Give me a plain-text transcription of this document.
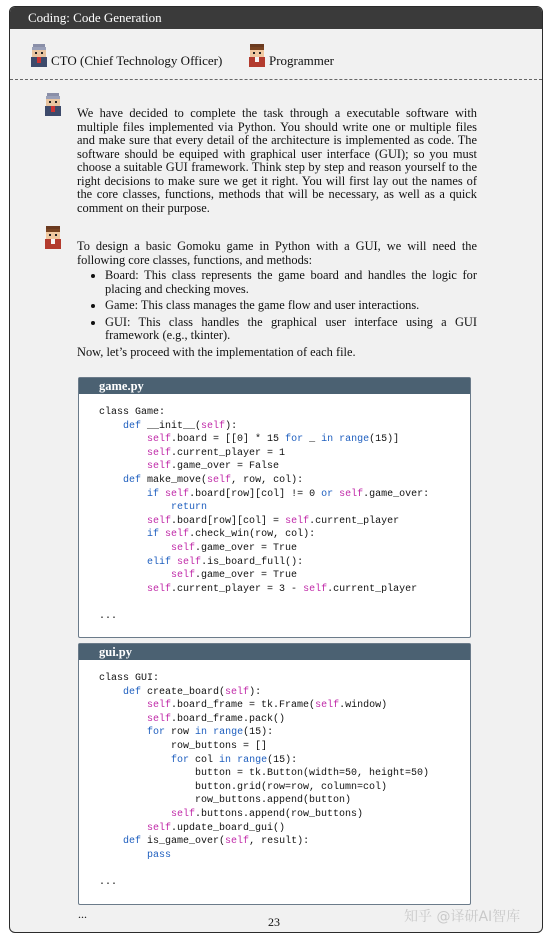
Coding: Code Generation
CTO (Chief Technology Officer)	Programmer
We have decided to complete the task through a executable software with multiple files implemented via Python. You should write one or multiple files and make sure that every detail of the architecture is implemented as code. The software should be equiped with graphical user interface (GUI); so you must choose a suitable GUI framework. Think step by step and reason yourself to the right decisions to make sure we get it right. You will first lay out the names of the core classes, functions, methods that will be necessary, as well as a quick comment on their purpose.

To design a basic Gomoku game in Python with a GUI, we will need the following core classes, functions, and methods:

• Board: This class represents the game board and handles the logic for placing and checking moves.
• Game: This class manages the game flow and user interactions.
• GUI: This class handles the graphical user interface using a GUI framework (e.g., tkinter).

Now, let’s proceed with the implementation of each file.

game.py
class Game:
def __init__(self):
self.board = [[0] * 15 for _ in range(15)]
self.current_player = 1
self.game_over = False
def make_move(self, row, col):
if self.board[row][col] != 0 or self.game_over:
return
self.board[row][col] = self.current_player
if self.check_win(row, col):
self.game_over = True
elif self.is_board_full():
self.game_over = True
self.current_player = 3 - self.current_player

...
gui.py
class GUI:
def create_board(self):
self.board_frame = tk.Frame(self.window)
self.board_frame.pack()
for row in range(15):
row_buttons = []
for col in range(15):
button = tk.Button(width=50, height=50)
button.grid(row=row, column=col)
row_buttons.append(button)
self.buttons.append(row_buttons)
self.update_board_gui()
def is_game_over(self, result):
pass

...
...
23	知乎 @译研AI智库
